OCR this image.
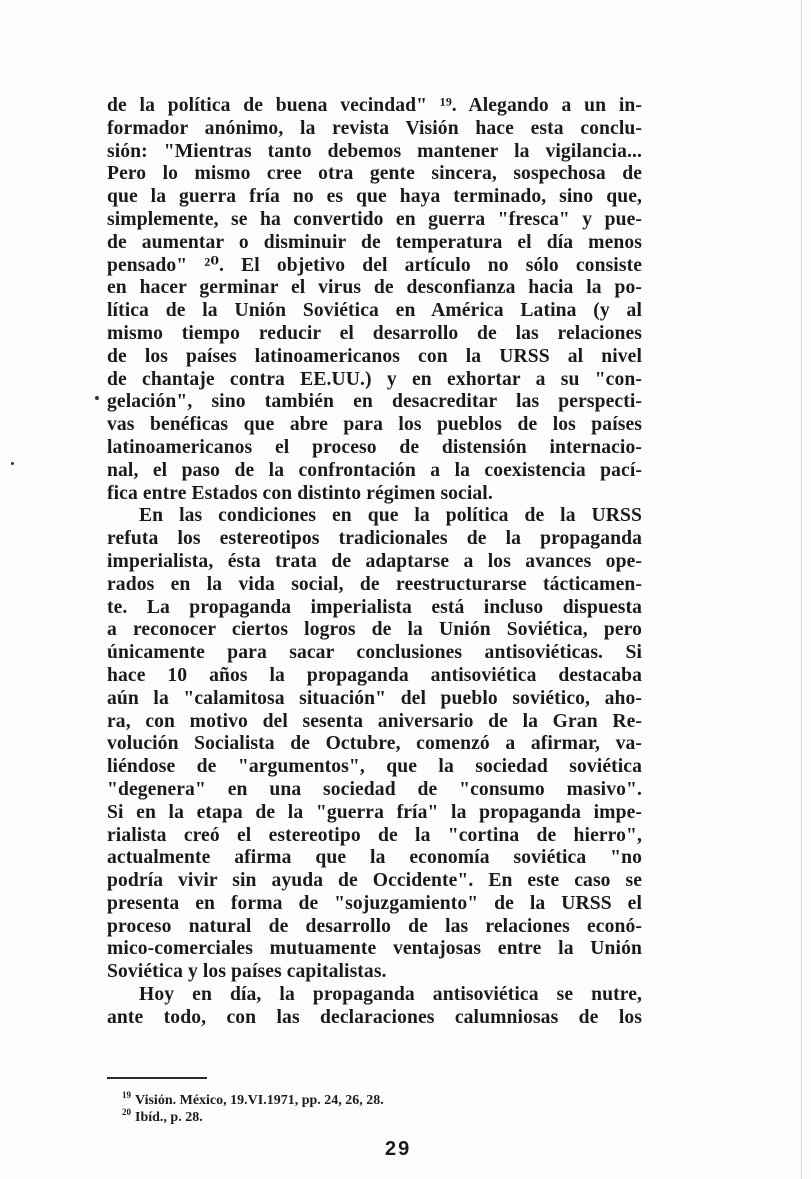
de la política de buena vecindad" ¹⁹. Alegando a un in-
formador anónimo, la revista Visión hace esta conclu-
sión: "Mientras tanto debemos mantener la vigilancia...
Pero lo mismo cree otra gente sincera, sospechosa de
que la guerra fría no es que haya terminado, sino que,
simplemente, se ha convertido en guerra "fresca" y pue-
de aumentar o disminuir de temperatura el día menos
pensado" ²⁰. El objetivo del artículo no sólo consiste
en hacer germinar el virus de desconfianza hacia la po-
lítica de la Unión Soviética en América Latina (y al
mismo tiempo reducir el desarrollo de las relaciones
de los países latinoamericanos con la URSS al nivel
de chantaje contra EE.UU.) y en exhortar a su "con-
gelación", sino también en desacreditar las perspecti-
vas benéficas que abre para los pueblos de los países
latinoamericanos el proceso de distensión internacio-
nal, el paso de la confrontación a la coexistencia pací-
fica entre Estados con distinto régimen social.
En las condiciones en que la política de la URSS
refuta los estereotipos tradicionales de la propaganda
imperialista, ésta trata de adaptarse a los avances ope-
rados en la vida social, de reestructurarse tácticamen-
te. La propaganda imperialista está incluso dispuesta
a reconocer ciertos logros de la Unión Soviética, pero
únicamente para sacar conclusiones antisoviéticas. Si
hace 10 años la propaganda antisoviética destacaba
aún la "calamitosa situación" del pueblo soviético, aho-
ra, con motivo del sesenta aniversario de la Gran Re-
volución Socialista de Octubre, comenzó a afirmar, va-
liéndose de "argumentos", que la sociedad soviética
"degenera" en una sociedad de "consumo masivo".
Si en la etapa de la "guerra fría" la propaganda impe-
rialista creó el estereotipo de la "cortina de hierro",
actualmente afirma que la economía soviética "no
podría vivir sin ayuda de Occidente". En este caso se
presenta en forma de "sojuzgamiento" de la URSS el
proceso natural de desarrollo de las relaciones econó-
mico-comerciales mutuamente ventajosas entre la Unión
Soviética y los países capitalistas.
Hoy en día, la propaganda antisoviética se nutre,
ante todo, con las declaraciones calumniosas de los
$^{19}$ Visión. México, 19.VI.1971, pp. 24, 26, 28.
$^{20}$ Ibíd., p. 28.
29
